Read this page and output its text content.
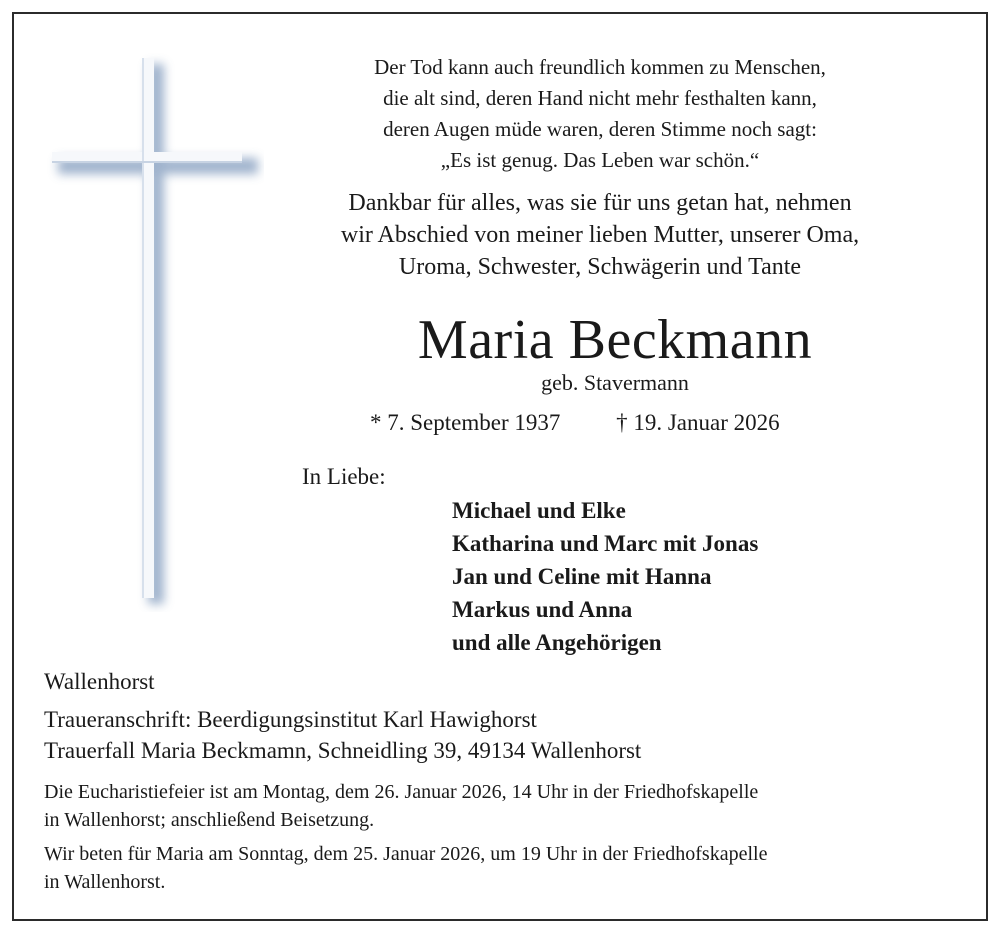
Der Tod kann auch freundlich kommen zu Menschen,
die alt sind, deren Hand nicht mehr festhalten kann,
deren Augen müde waren, deren Stimme noch sagt:
„Es ist genug. Das Leben war schön.“
Dankbar für alles, was sie für uns getan hat, nehmen
wir Abschied von meiner lieben Mutter, unserer Oma,
Uroma, Schwester, Schwägerin und Tante
Maria Beckmann
geb. Stavermann
* 7. September 1937 † 19. Januar 2026
In Liebe:
Michael und Elke
Katharina und Marc mit Jonas
Jan und Celine mit Hanna
Markus und Anna
und alle Angehörigen
Wallenhorst
Traueranschrift: Beerdigungsinstitut Karl Hawighorst
Trauerfall Maria Beckmamn, Schneidling 39, 49134 Wallenhorst
Die Eucharistiefeier ist am Montag, dem 26. Januar 2026, 14 Uhr in der Friedhofskapelle
in Wallenhorst; anschließend Beisetzung.
Wir beten für Maria am Sonntag, dem 25. Januar 2026, um 19 Uhr in der Friedhofskapelle
in Wallenhorst.
